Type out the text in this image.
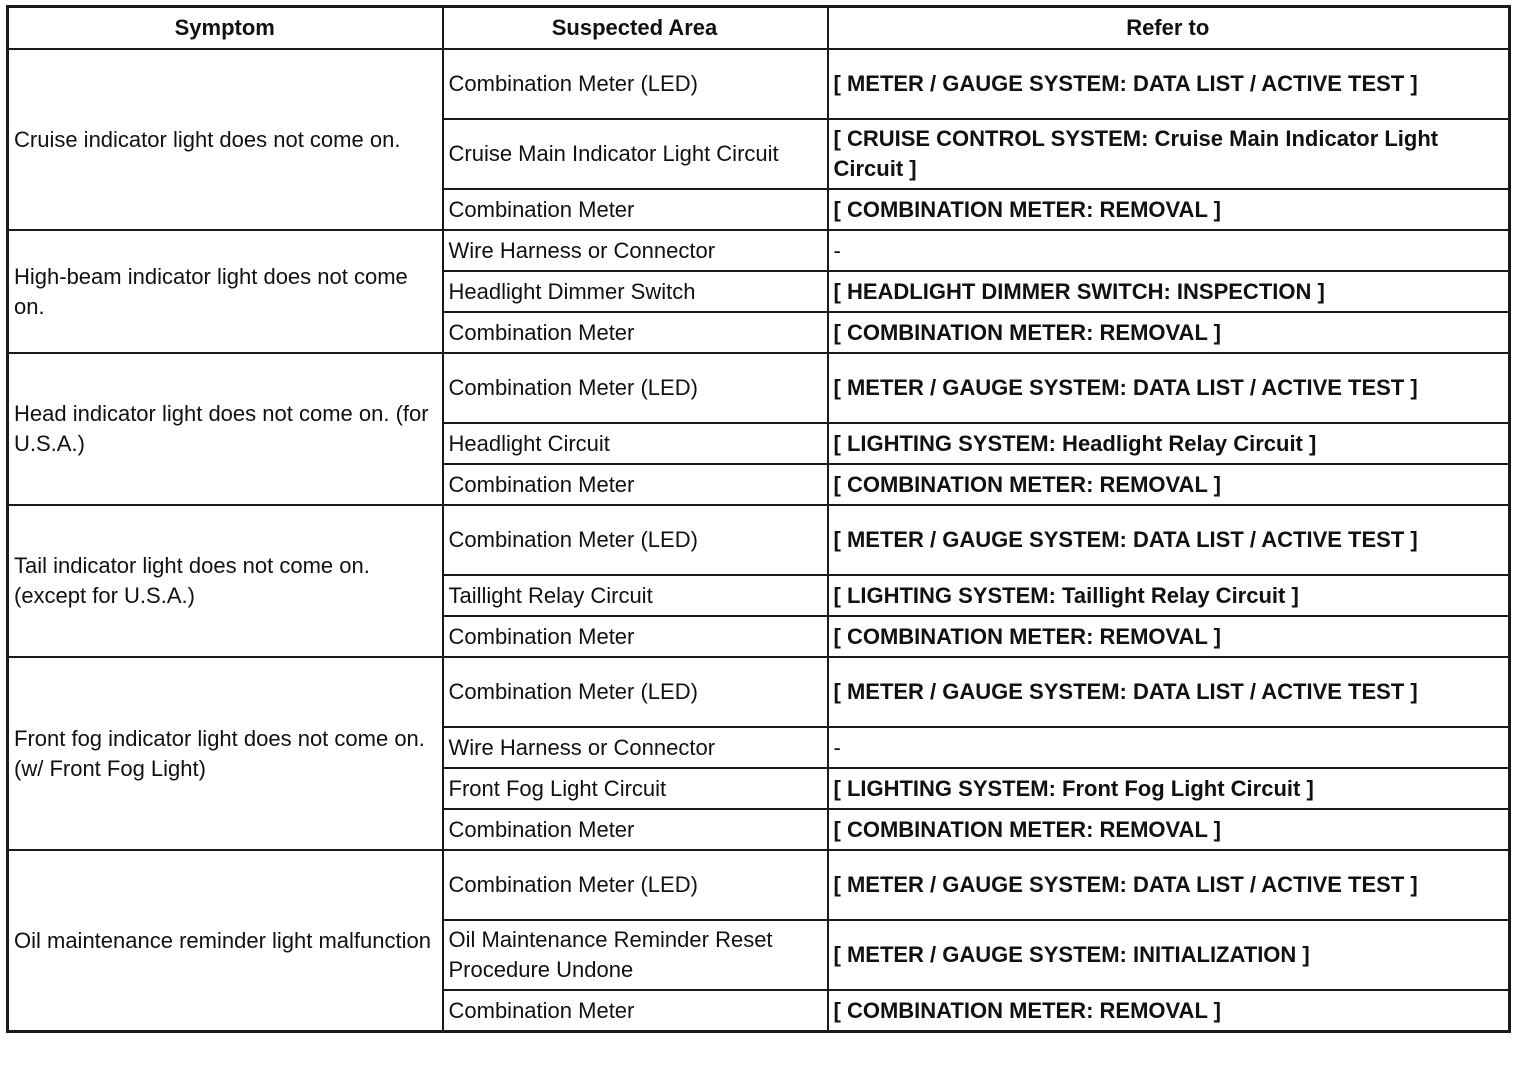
Symptom	Suspected Area	Refer to
Cruise indicator light does not come on.	Combination Meter (LED)	[ METER / GAUGE SYSTEM: DATA LIST / ACTIVE TEST ]
	Cruise Main Indicator Light Circuit	[ CRUISE CONTROL SYSTEM: Cruise Main Indicator Light Circuit ]
	Combination Meter	[ COMBINATION METER: REMOVAL ]
High-beam indicator light does not come on.	Wire Harness or Connector	-
	Headlight Dimmer Switch	[ HEADLIGHT DIMMER SWITCH: INSPECTION ]
	Combination Meter	[ COMBINATION METER: REMOVAL ]
Head indicator light does not come on. (for U.S.A.)	Combination Meter (LED)	[ METER / GAUGE SYSTEM: DATA LIST / ACTIVE TEST ]
	Headlight Circuit	[ LIGHTING SYSTEM: Headlight Relay Circuit ]
	Combination Meter	[ COMBINATION METER: REMOVAL ]
Tail indicator light does not come on. (except for U.S.A.)	Combination Meter (LED)	[ METER / GAUGE SYSTEM: DATA LIST / ACTIVE TEST ]
	Taillight Relay Circuit	[ LIGHTING SYSTEM: Taillight Relay Circuit ]
	Combination Meter	[ COMBINATION METER: REMOVAL ]
Front fog indicator light does not come on. (w/ Front Fog Light)	Combination Meter (LED)	[ METER / GAUGE SYSTEM: DATA LIST / ACTIVE TEST ]
	Wire Harness or Connector	-
	Front Fog Light Circuit	[ LIGHTING SYSTEM: Front Fog Light Circuit ]
	Combination Meter	[ COMBINATION METER: REMOVAL ]
Oil maintenance reminder light malfunction	Combination Meter (LED)	[ METER / GAUGE SYSTEM: DATA LIST / ACTIVE TEST ]
	Oil Maintenance Reminder Reset Procedure Undone	[ METER / GAUGE SYSTEM: INITIALIZATION ]
	Combination Meter	[ COMBINATION METER: REMOVAL ]
